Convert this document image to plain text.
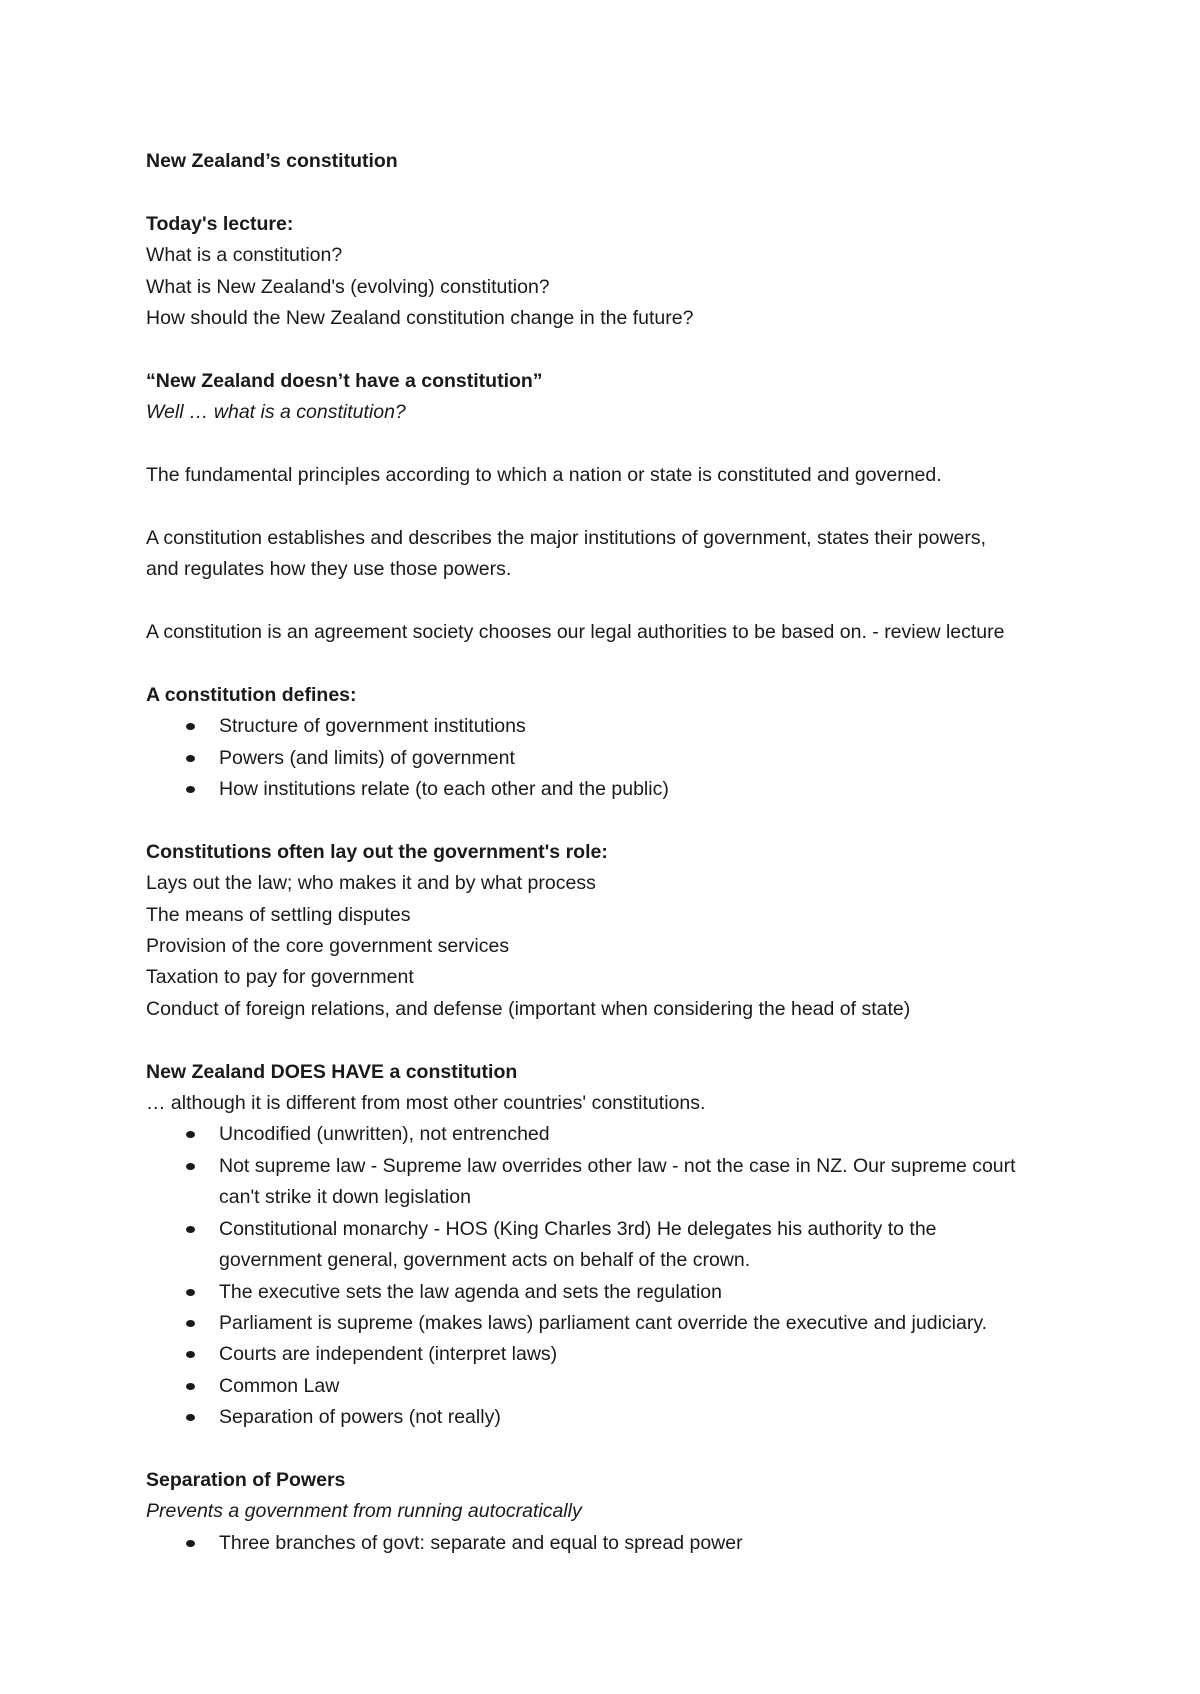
New Zealand’s constitution
Today's lecture:
What is a constitution?
What is New Zealand's (evolving) constitution?
How should the New Zealand constitution change in the future?
“New Zealand doesn’t have a constitution”
Well … what is a constitution?
The fundamental principles according to which a nation or state is constituted and governed.
A constitution establishes and describes the major institutions of government, states their powers,
and regulates how they use those powers.
A constitution is an agreement society chooses our legal authorities to be based on. - review lecture
A constitution defines:
Structure of government institutions
Powers (and limits) of government
How institutions relate (to each other and the public)
Constitutions often lay out the government's role:
Lays out the law; who makes it and by what process
The means of settling disputes
Provision of the core government services
Taxation to pay for government
Conduct of foreign relations, and defense (important when considering the head of state)
New Zealand DOES HAVE a constitution
… although it is different from most other countries' constitutions.
Uncodified (unwritten), not entrenched
Not supreme law - Supreme law overrides other law - not the case in NZ. Our supreme court
can't strike it down legislation
Constitutional monarchy - HOS (King Charles 3rd) He delegates his authority to the
government general, government acts on behalf of the crown.
The executive sets the law agenda and sets the regulation
Parliament is supreme (makes laws) parliament cant override the executive and judiciary.
Courts are independent (interpret laws)
Common Law
Separation of powers (not really)
Separation of Powers
Prevents a government from running autocratically
Three branches of govt: separate and equal to spread power
